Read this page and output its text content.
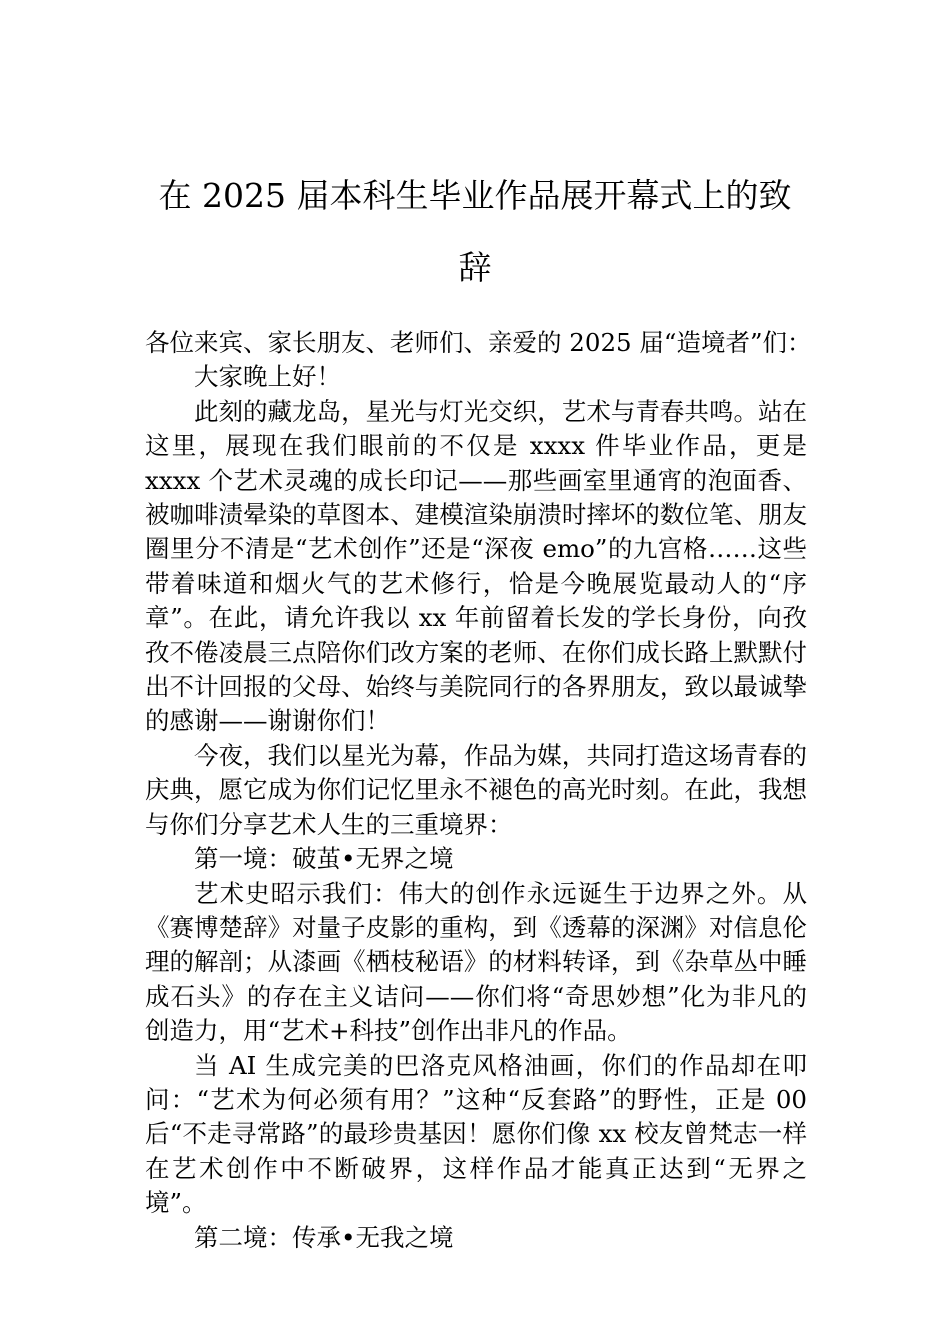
在 2025 届本科生毕业作品展开幕式上的致辞

各位来宾、家长朋友、老师们、亲爱的 2025 届“造境者”们：

大家晚上好！

此刻的藏龙岛，星光与灯光交织，艺术与青春共鸣。站在这里，展现在我们眼前的不仅是 xxxx 件毕业作品，更是 xxxx 个艺术灵魂的成长印记——那些画室里通宵的泡面香、被咖啡渍晕染的草图本、建模渲染崩溃时摔坏的数位笔、朋友圈里分不清是“艺术创作”还是“深夜 emo”的九宫格……这些带着味道和烟火气的艺术修行，恰是今晚展览最动人的“序章”。在此，请允许我以 xx 年前留着长发的学长身份，向孜孜不倦凌晨三点陪你们改方案的老师、在你们成长路上默默付出不计回报的父母、始终与美院同行的各界朋友，致以最诚挚的感谢——谢谢你们！

今夜，我们以星光为幕，作品为媒，共同打造这场青春的庆典，愿它成为你们记忆里永不褪色的高光时刻。在此，我想与你们分享艺术人生的三重境界：

第一境：破茧•无界之境

艺术史昭示我们：伟大的创作永远诞生于边界之外。从《赛博楚辞》对量子皮影的重构，到《透幕的深渊》对信息伦理的解剖；从漆画《栖枝秘语》的材料转译，到《杂草丛中睡成石头》的存在主义诘问——你们将“奇思妙想”化为非凡的创造力，用“艺术+科技”创作出非凡的作品。

当 AI 生成完美的巴洛克风格油画，你们的作品却在叩问：“艺术为何必须有用？”这种“反套路”的野性，正是 00 后“不走寻常路”的最珍贵基因！愿你们像 xx 校友曾梵志一样在艺术创作中不断破界，这样作品才能真正达到“无界之境”。

第二境：传承•无我之境
